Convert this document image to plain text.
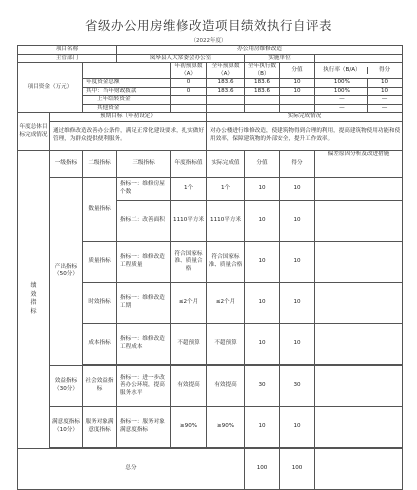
省级办公用房维修改造项目绩效执行自评表
（2022年度）
项目名称			办公用房维修改造					
主管部门			岚皋县人大常委会办公室			实施单位		
项目资金（万元）				年初预算数（A）	全年预算数（A）	全年执行数（B）	分值	执行率（B/A） 得分
		年度资金总额		0	183.6	183.6	10	100% 10
		其中：当年财政拨款		0	183.6	183.6	10	100% 10
		上年结转资金						— —
		其他资金						— —
年度总体目标完成情况	预期目标（年初设定）				实际完成情况			
	通过维修改造改善办公条件，满足正常化建设要求，扎实做好管理，为群众提供便利服务。				对办公楼进行维修改造，使建筑物得到合理的利用，提高建筑物使用功能和使用效率，保障建筑物的外部安全，提升工作效率。			
绩效指标	一级指标	二级指标	三级指标	年度指标值	实际完成值	分值	得分	偏差原因分析及改进措施
	产出指标（50分）	数量指标	指标一：维修房屋个数	1个	1个	10	10	
			指标二：改善面积	1110平方米	1110平方米	10	10	
		质量指标	指标一：维修改造工程质量	符合国家标准、质量合格	符合国家标准、质量合格	10	10	
		时效指标	指标一：维修改造工期	≤2个月	≤2个月	10	10	
		成本指标	指标一：维修改造工程成本	不超预算	不超预算	10	10	

	效益指标（30分）	社会效益指标	指标一：进一步改善办公环境，提高服务水平	有效提高	有效提高	30	30	
	满意度指标（10分）	服务对象满意度指标	指标一：服务对象满意度指标	≥90%	≥90%	10	10	

总分						100	100	
